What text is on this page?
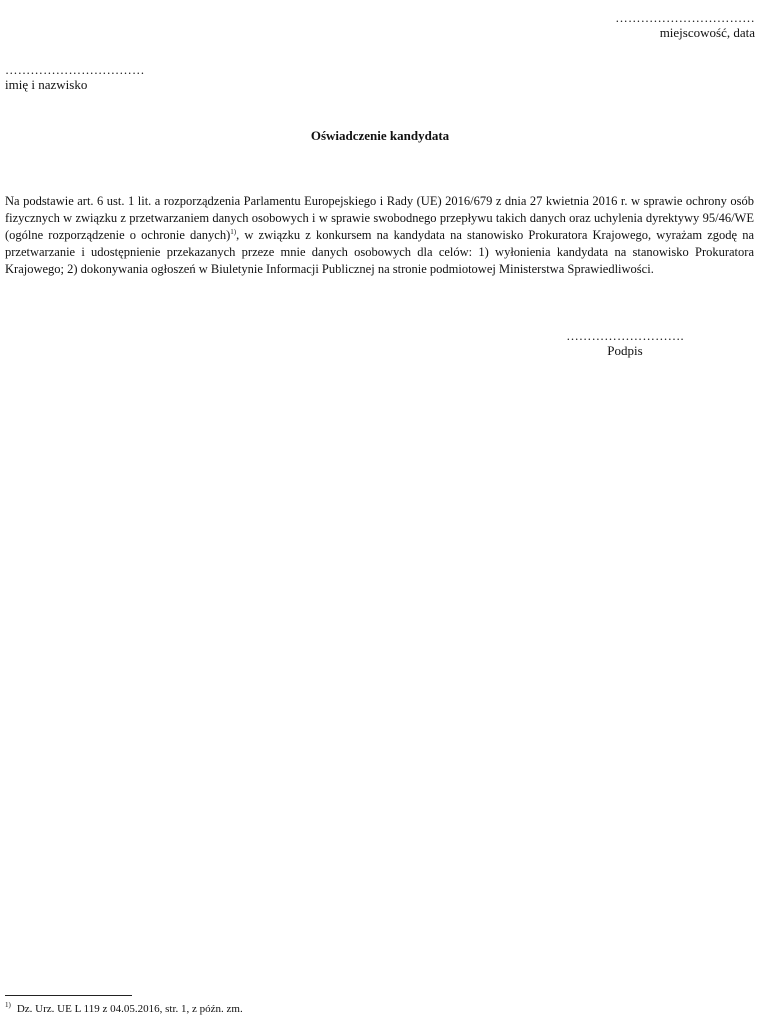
……………………………
miejscowość, data
……………………………
imię i nazwisko
Oświadczenie kandydata
Na podstawie art. 6 ust. 1 lit. a rozporządzenia Parlamentu Europejskiego i Rady (UE) 2016/679 z dnia 27 kwietnia 2016 r. w sprawie ochrony osób fizycznych w związku z przetwarzaniem danych osobowych i w sprawie swobodnego przepływu takich danych oraz uchylenia dyrektywy 95/46/WE (ogólne rozporządzenie o ochronie danych)$^{1)}$, w związku z konkursem na kandydata na stanowisko Prokuratora Krajowego, wyrażam zgodę na przetwarzanie i udostępnienie przekazanych przeze mnie danych osobowych dla celów: 1) wyłonienia kandydata na stanowisko Prokuratora Krajowego; 2) dokonywania ogłoszeń w Biuletynie Informacji Publicznej na stronie podmiotowej Ministerstwa Sprawiedliwości.
……………………….
Podpis
$^{1)}$ Dz. Urz. UE L 119 z 04.05.2016, str. 1, z późn. zm.
